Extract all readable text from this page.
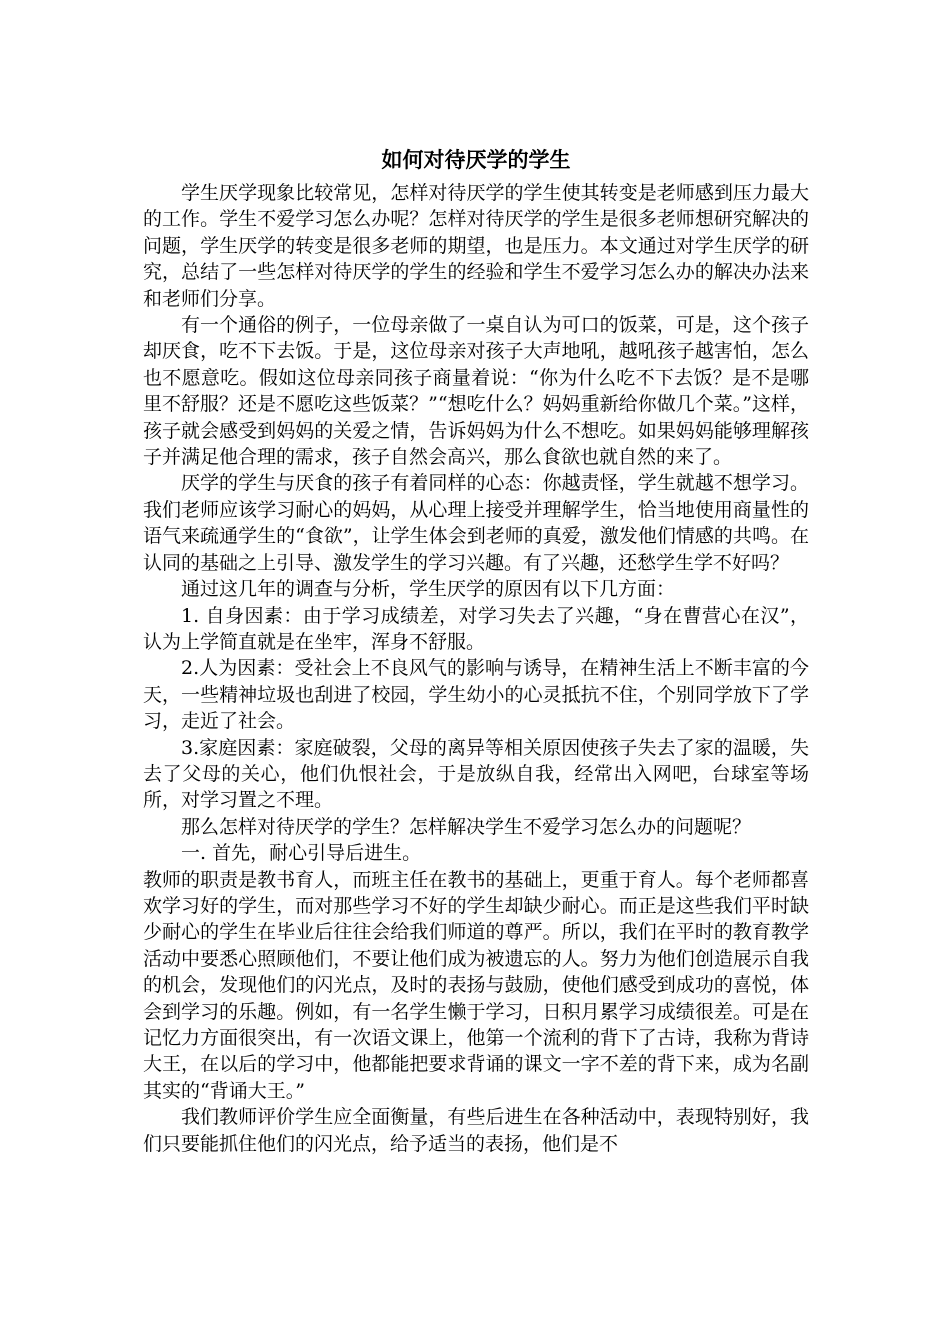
如何对待厌学的学生

学生厌学现象比较常见，怎样对待厌学的学生使其转变是老师感到压力最大的工作。学生不爱学习怎么办呢？怎样对待厌学的学生是很多老师想研究解决的问题，学生厌学的转变是很多老师的期望，也是压力。本文通过对学生厌学的研究，总结了一些怎样对待厌学的学生的经验和学生不爱学习怎么办的解决办法来和老师们分享。

有一个通俗的例子，一位母亲做了一桌自认为可口的饭菜，可是，这个孩子却厌食，吃不下去饭。于是，这位母亲对孩子大声地吼，越吼孩子越害怕，怎么也不愿意吃。假如这位母亲同孩子商量着说：“你为什么吃不下去饭？是不是哪里不舒服？还是不愿吃这些饭菜？”“想吃什么？妈妈重新给你做几个菜。”这样，孩子就会感受到妈妈的关爱之情，告诉妈妈为什么不想吃。如果妈妈能够理解孩子并满足他合理的需求，孩子自然会高兴，那么食欲也就自然的来了。

厌学的学生与厌食的孩子有着同样的心态：你越责怪，学生就越不想学习。我们老师应该学习耐心的妈妈，从心理上接受并理解学生，恰当地使用商量性的语气来疏通学生的“食欲”，让学生体会到老师的真爱，激发他们情感的共鸣。在认同的基础之上引导、激发学生的学习兴趣。有了兴趣，还愁学生学不好吗？

通过这几年的调查与分析，学生厌学的原因有以下几方面：

1. 自身因素：由于学习成绩差，对学习失去了兴趣，“身在曹营心在汉”，认为上学简直就是在坐牢，浑身不舒服。

2.人为因素：受社会上不良风气的影响与诱导，在精神生活上不断丰富的今天，一些精神垃圾也刮进了校园，学生幼小的心灵抵抗不住，个别同学放下了学习，走近了社会。

3.家庭因素：家庭破裂，父母的离异等相关原因使孩子失去了家的温暖，失去了父母的关心，他们仇恨社会，于是放纵自我，经常出入网吧，台球室等场所，对学习置之不理。

那么怎样对待厌学的学生？怎样解决学生不爱学习怎么办的问题呢？

一. 首先，耐心引导后进生。

教师的职责是教书育人，而班主任在教书的基础上，更重于育人。每个老师都喜欢学习好的学生，而对那些学习不好的学生却缺少耐心。而正是这些我们平时缺少耐心的学生在毕业后往往会给我们师道的尊严。所以，我们在平时的教育教学活动中要悉心照顾他们，不要让他们成为被遗忘的人。努力为他们创造展示自我的机会，发现他们的闪光点，及时的表扬与鼓励，使他们感受到成功的喜悦，体会到学习的乐趣。例如，有一名学生懒于学习，日积月累学习成绩很差。可是在记忆力方面很突出，有一次语文课上，他第一个流利的背下了古诗，我称为背诗大王，在以后的学习中，他都能把要求背诵的课文一字不差的背下来，成为名副其实的“背诵大王。”

我们教师评价学生应全面衡量，有些后进生在各种活动中，表现特别好，我们只要能抓住他们的闪光点，给予适当的表扬，他们是不
